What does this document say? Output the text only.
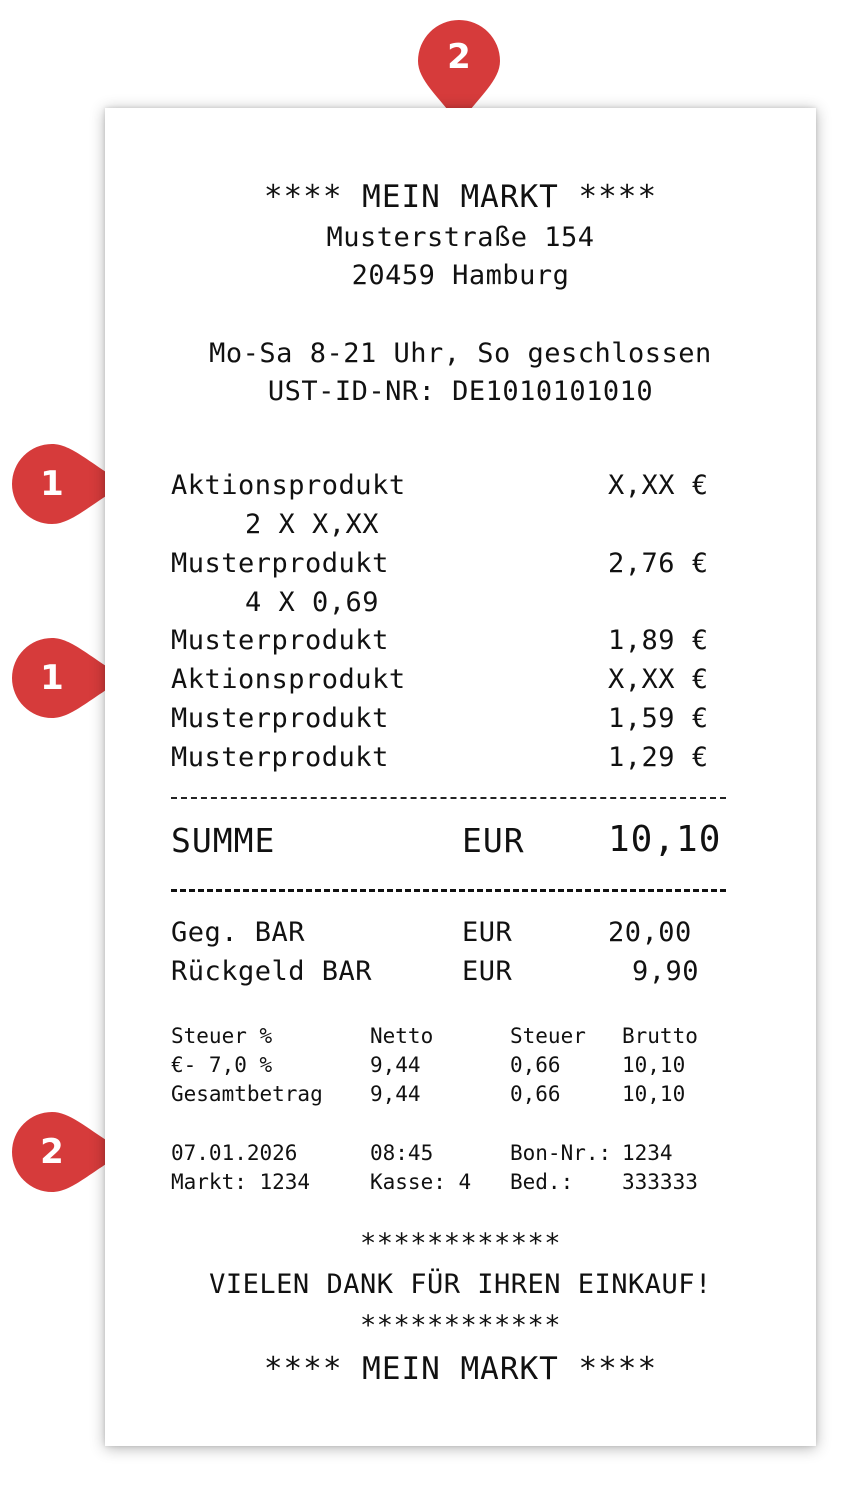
2
1
1
2
**** MEIN MARKT ****
Musterstraße 154
20459 Hamburg
Mo-Sa 8-21 Uhr, So geschlossen
UST-ID-NR: DE1010101010
Aktionsprodukt	X,XX €
2 X X,XX
Musterprodukt	2,76 €
4 X 0,69
Musterprodukt	1,89 €
Aktionsprodukt	X,XX €
Musterprodukt	1,59 €
Musterprodukt	1,29 €
SUMME	EUR 10,10
Geg. BAR	EUR	20,00
Rückgeld BAR	EUR	9,90
Steuer %	Netto	Steuer Brutto
€- 7,0 %	9,44	0,66	10,10
Gesamtbetrag 9,44	0,66	10,10
07.01.2026	08:45	Bon-Nr.: 1234
Markt: 1234	Kasse: 4 Bed.: 333333
************
VIELEN DANK FÜR IHREN EINKAUF!
************
**** MEIN MARKT ****
